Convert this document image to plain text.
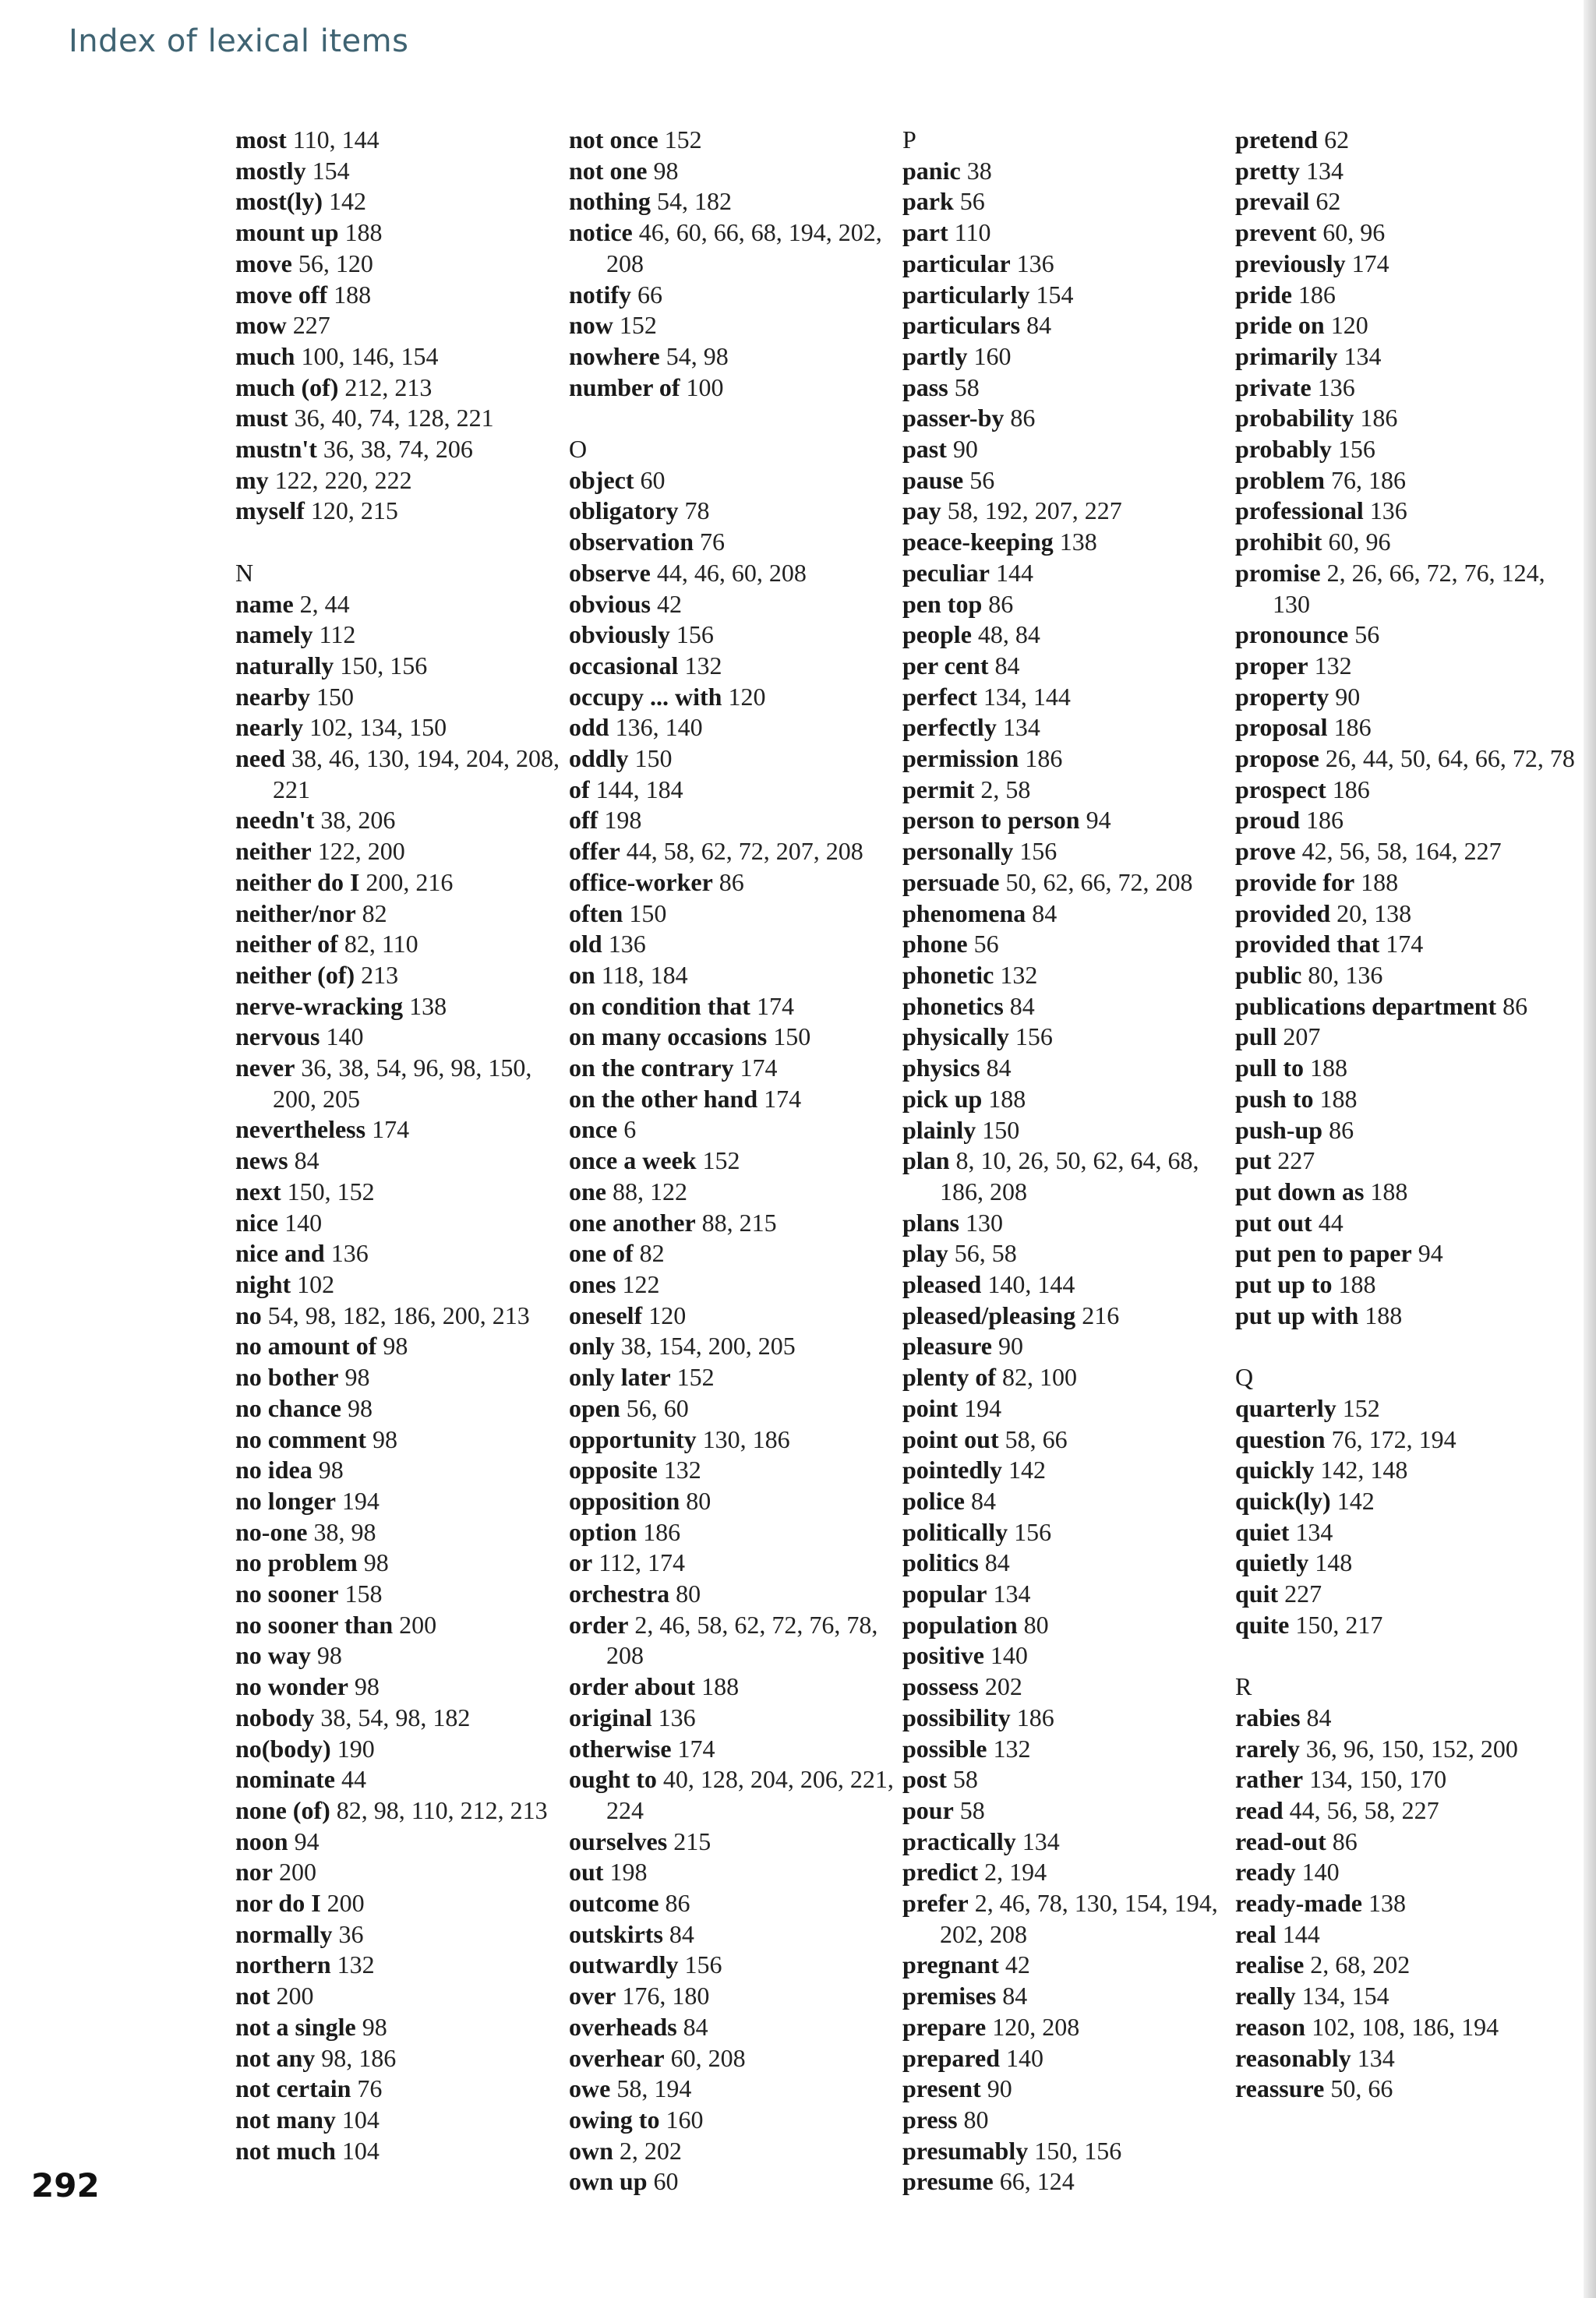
Index of lexical items
most 110, 144
mostly 154
most(ly) 142
mount up 188
move 56, 120
move off 188
mow 227
much 100, 146, 154
much (of) 212, 213
must 36, 40, 74, 128, 221
mustn't 36, 38, 74, 206
my 122, 220, 222
myself 120, 215
N
name 2, 44
namely 112
naturally 150, 156
nearby 150
nearly 102, 134, 150
need 38, 46, 130, 194, 204, 208, 221
needn't 38, 206
neither 122, 200
neither do I 200, 216
neither/nor 82
neither of 82, 110
neither (of) 213
nerve-wracking 138
nervous 140
never 36, 38, 54, 96, 98, 150, 200, 205
nevertheless 174
news 84
next 150, 152
nice 140
nice and 136
night 102
no 54, 98, 182, 186, 200, 213
no amount of 98
no bother 98
no chance 98
no comment 98
no idea 98
no longer 194
no-one 38, 98
no problem 98
no sooner 158
no sooner than 200
no way 98
no wonder 98
nobody 38, 54, 98, 182
no(body) 190
nominate 44
none (of) 82, 98, 110, 212, 213
noon 94
nor 200
nor do I 200
normally 36
northern 132
not 200
not a single 98
not any 98, 186
not certain 76
not many 104
not much 104
not once 152
not one 98
nothing 54, 182
notice 46, 60, 66, 68, 194, 202, 208
notify 66
now 152
nowhere 54, 98
number of 100
O
object 60
obligatory 78
observation 76
observe 44, 46, 60, 208
obvious 42
obviously 156
occasional 132
occupy ... with 120
odd 136, 140
oddly 150
of 144, 184
off 198
offer 44, 58, 62, 72, 207, 208
office-worker 86
often 150
old 136
on 118, 184
on condition that 174
on many occasions 150
on the contrary 174
on the other hand 174
once 6
once a week 152
one 88, 122
one another 88, 215
one of 82
ones 122
oneself 120
only 38, 154, 200, 205
only later 152
open 56, 60
opportunity 130, 186
opposite 132
opposition 80
option 186
or 112, 174
orchestra 80
order 2, 46, 58, 62, 72, 76, 78, 208
order about 188
original 136
otherwise 174
ought to 40, 128, 204, 206, 221, 224
ourselves 215
out 198
outcome 86
outskirts 84
outwardly 156
over 176, 180
overheads 84
overhear 60, 208
owe 58, 194
owing to 160
own 2, 202
own up 60
P
panic 38
park 56
part 110
particular 136
particularly 154
particulars 84
partly 160
pass 58
passer-by 86
past 90
pause 56
pay 58, 192, 207, 227
peace-keeping 138
peculiar 144
pen top 86
people 48, 84
per cent 84
perfect 134, 144
perfectly 134
permission 186
permit 2, 58
person to person 94
personally 156
persuade 50, 62, 66, 72, 208
phenomena 84
phone 56
phonetic 132
phonetics 84
physically 156
physics 84
pick up 188
plainly 150
plan 8, 10, 26, 50, 62, 64, 68, 186, 208
plans 130
play 56, 58
pleased 140, 144
pleased/pleasing 216
pleasure 90
plenty of 82, 100
point 194
point out 58, 66
pointedly 142
police 84
politically 156
politics 84
popular 134
population 80
positive 140
possess 202
possibility 186
possible 132
post 58
pour 58
practically 134
predict 2, 194
prefer 2, 46, 78, 130, 154, 194, 202, 208
pregnant 42
premises 84
prepare 120, 208
prepared 140
present 90
press 80
presumably 150, 156
presume 66, 124
pretend 62
pretty 134
prevail 62
prevent 60, 96
previously 174
pride 186
pride on 120
primarily 134
private 136
probability 186
probably 156
problem 76, 186
professional 136
prohibit 60, 96
promise 2, 26, 66, 72, 76, 124, 130
pronounce 56
proper 132
property 90
proposal 186
propose 26, 44, 50, 64, 66, 72, 78
prospect 186
proud 186
prove 42, 56, 58, 164, 227
provide for 188
provided 20, 138
provided that 174
public 80, 136
publications department 86
pull 207
pull to 188
push to 188
push-up 86
put 227
put down as 188
put out 44
put pen to paper 94
put up to 188
put up with 188
Q
quarterly 152
question 76, 172, 194
quickly 142, 148
quick(ly) 142
quiet 134
quietly 148
quit 227
quite 150, 217
R
rabies 84
rarely 36, 96, 150, 152, 200
rather 134, 150, 170
read 44, 56, 58, 227
read-out 86
ready 140
ready-made 138
real 144
realise 2, 68, 202
really 134, 154
reason 102, 108, 186, 194
reasonably 134
reassure 50, 66
292
